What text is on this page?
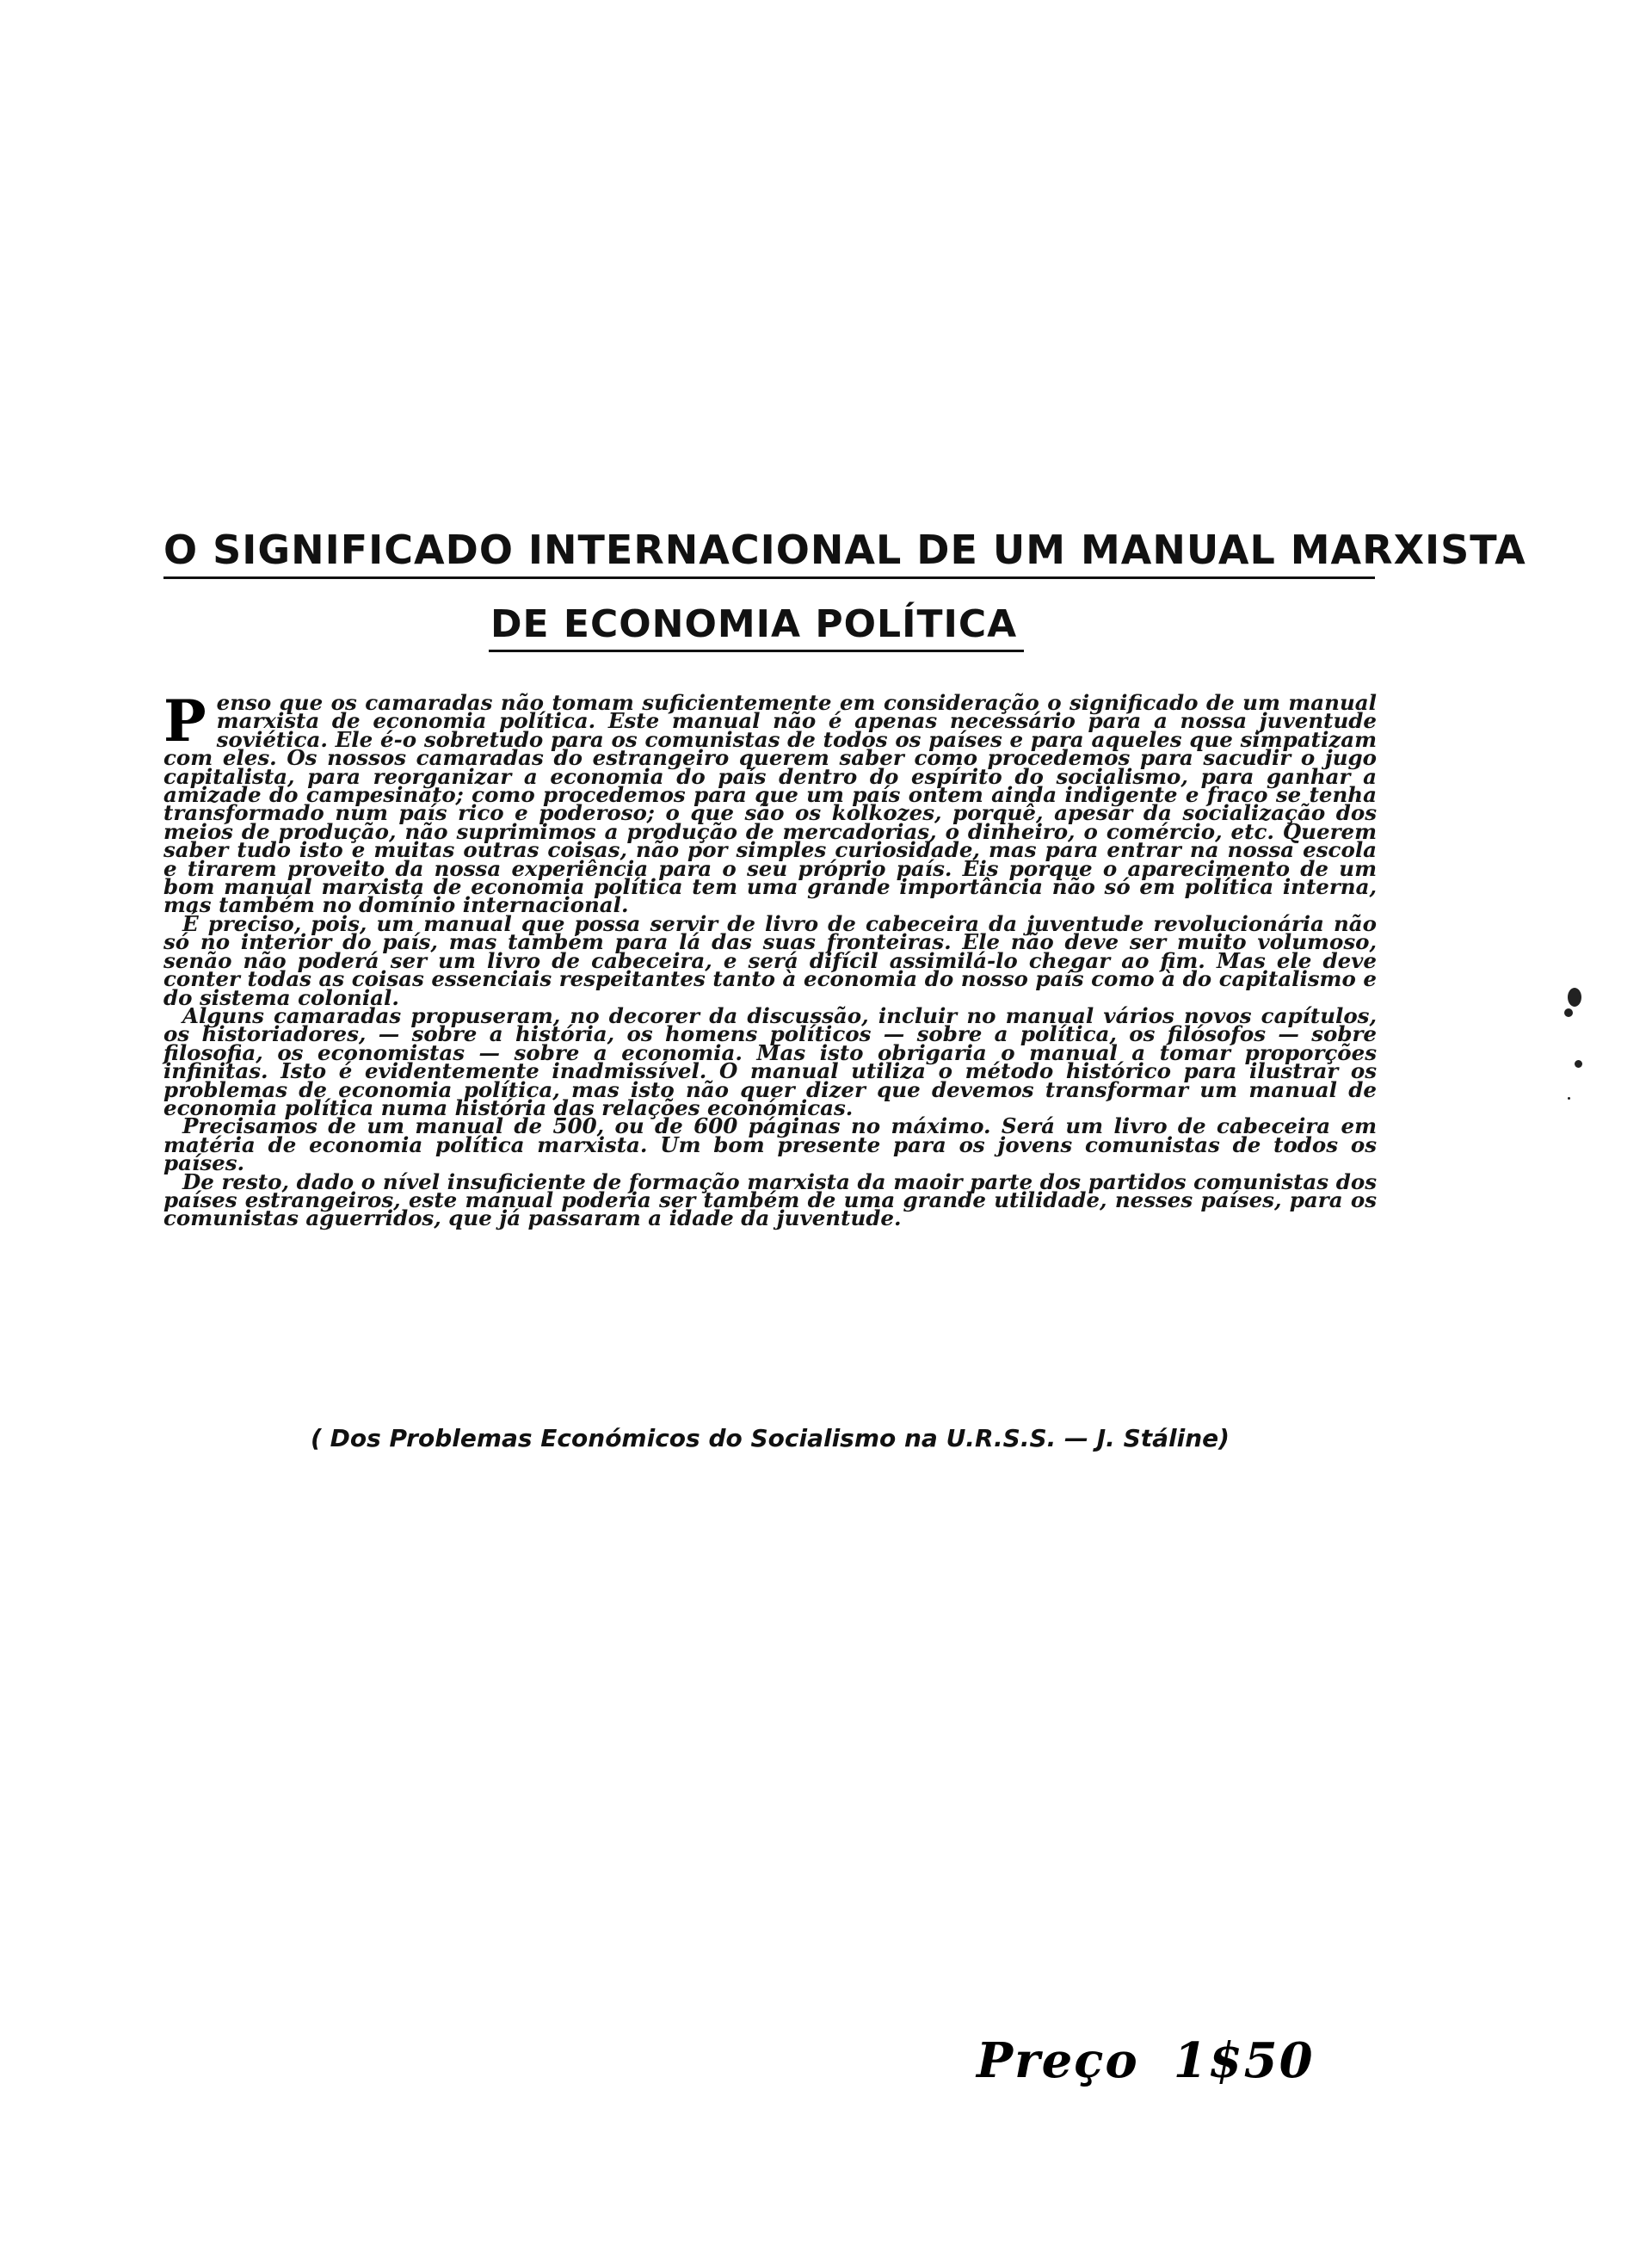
O SIGNIFICADO INTERNACIONAL DE UM MANUAL MARXISTA
DE ECONOMIA POLÍTICA

Penso que os camaradas não tomam suficientemente em consideração o significado de um manual marxista de economia política. Este manual não é apenas necessário para a nossa juventude soviética. Ele é-o sobretudo para os comunistas de todos os países e para aqueles que simpatizam com eles. Os nossos camaradas do estrangeiro querem saber como procedemos para sacudir o jugo capitalista, para reorganizar a economia do país dentro do espírito do socialismo, para ganhar a amizade do campesinato; como procedemos para que um país ontem ainda indigente e fraco se tenha transformado num país rico e poderoso; o que são os kolkozes, porquê, apesar da socialização dos meios de produção, não suprimimos a produção de mercadorias, o dinheiro, o comércio, etc. Querem saber tudo isto e muitas outras coisas, não por simples curiosidade, mas para entrar na nossa escola e tirarem proveito da nossa experiência para o seu próprio país. Eis porque o aparecimento de um bom manual marxista de economia política tem uma grande importância não só em política interna, mas também no domínio internacional.

É preciso, pois, um manual que possa servir de livro de cabeceira da juventude revolucionária não só no interior do país, mas também para lá das suas fronteiras. Ele não deve ser muito volumoso, senão não poderá ser um livro de cabeceira, e será difícil assimilá-lo chegar ao fim. Mas ele deve conter todas as coisas essenciais respeitantes tanto à economia do nosso país como à do capitalismo e do sistema colonial.

Alguns camaradas propuseram, no decorer da discussão, incluir no manual vários novos capítulos, os historiadores, — sobre a história, os homens políticos — sobre a política, os filósofos — sobre filosofia, os economistas — sobre a economia. Mas isto obrigaria o manual a tomar proporções infinitas. Isto é evidentemente inadmissível. O manual utiliza o método histórico para ilustrar os problemas de economia política, mas isto não quer dizer que devemos transformar um manual de economia política numa história das relações económicas.

Precisamos de um manual de 500, ou de 600 páginas no máximo. Será um livro de cabeceira em matéria de economia política marxista. Um bom presente para os jovens comunistas de todos os países.

De resto, dado o nível insuficiente de formação marxista da maoir parte dos partidos comunistas dos países estrangeiros, este manual poderia ser também de uma grande utilidade, nesses países, para os comunistas aguerridos, que já passaram a idade da juventude.

( Dos Problemas Económicos do Socialismo na U.R.S.S. — J. Stáline)
Preço 1$50
